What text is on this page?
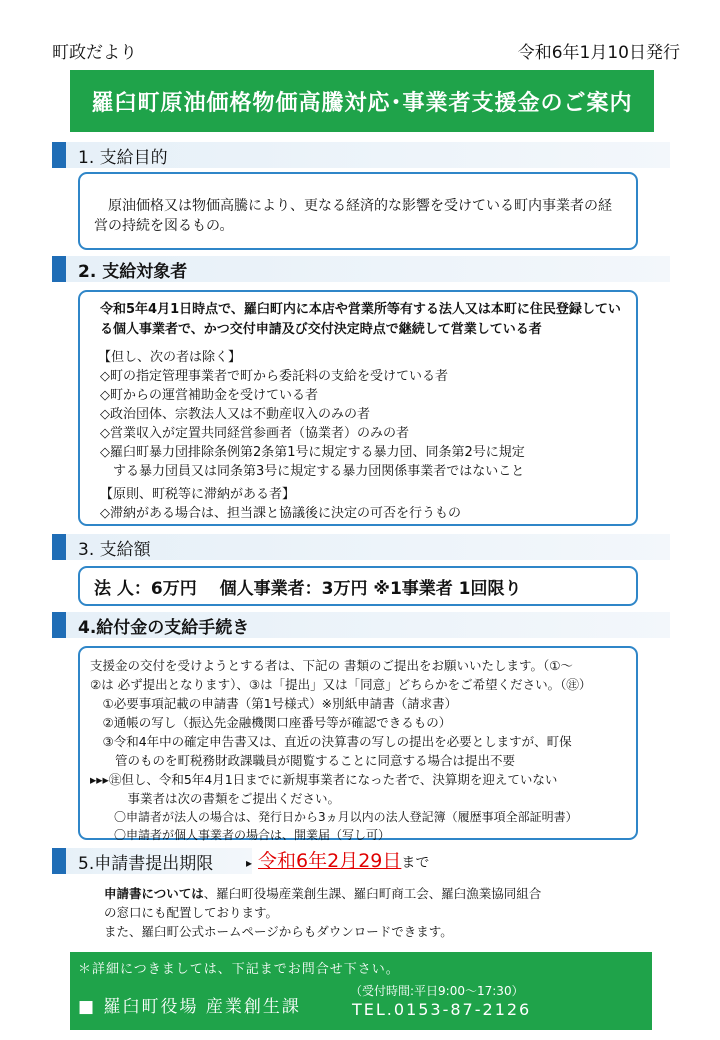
町政だより	令和6年1月10日発行
羅臼町原油価格物価高騰対応･事業者支援金のご案内
1. 支給目的
　原油価格又は物価高騰により、更なる経済的な影響を受けている町内事業者の経営の持続を図るもの。
2. 支給対象者
令和5年4月1日時点で、羅臼町内に本店や営業所等有する法人又は本町に住民登録している個人事業者で、かつ交付申請及び交付決定時点で継続して営業している者
【但し、次の者は除く】
◇町の指定管理事業者で町から委託料の支給を受けている者
◇町からの運営補助金を受けている者
◇政治団体、宗教法人又は不動産収入のみの者
◇営業収入が定置共同経営参画者（協業者）のみの者
◇羅臼町暴力団排除条例第2条第1号に規定する暴力団、同条第2号に規定
　する暴力団員又は同条第3号に規定する暴力団関係事業者ではないこと
【原則、町税等に滞納がある者】
◇滞納がある場合は、担当課と協議後に決定の可否を行うもの
3. 支給額
法 人：6万円　 個人事業者：3万円 ※1事業者 1回限り
4.給付金の支給手続き
支援金の交付を受けようとする者は、下記の 書類のご提出をお願いいたします。（①～
②は 必ず提出となります）、③は「提出」又は「同意」どちらかをご希望ください。（㊟）
　①必要事項記載の申請書（第1号様式）※別紙申請書（請求書）
　②通帳の写し（振込先金融機関口座番号等が確認できるもの）
　③令和4年中の確定申告書又は、直近の決算書の写しの提出を必要としますが、町保
　　管のものを町税務財政課職員が閲覧することに同意する場合は提出不要
▸▸▸㊟但し、令和5年4月1日までに新規事業者になった者で、決算期を迎えていない
　　　事業者は次の書類をご提出ください。
　　〇申請者が法人の場合は、発行日から3ヵ月以内の法人登記簿（履歴事項全部証明書）
　　〇申請者が個人事業者の場合は、開業届（写し可）
5.申請書提出期限	▸ 令和6年2月29日 まで
申請書については、羅臼町役場産業創生課、羅臼町商工会、羅臼漁業協同組合
の窓口にも配置しております。
また、羅臼町公式ホームページからもダウンロードできます。
＊詳細につきましては、下記までお問合せ下さい。
■ 羅臼町役場 産業創生課
（受付時間:平日9:00～17:30）
TEL.0153-87-2126
